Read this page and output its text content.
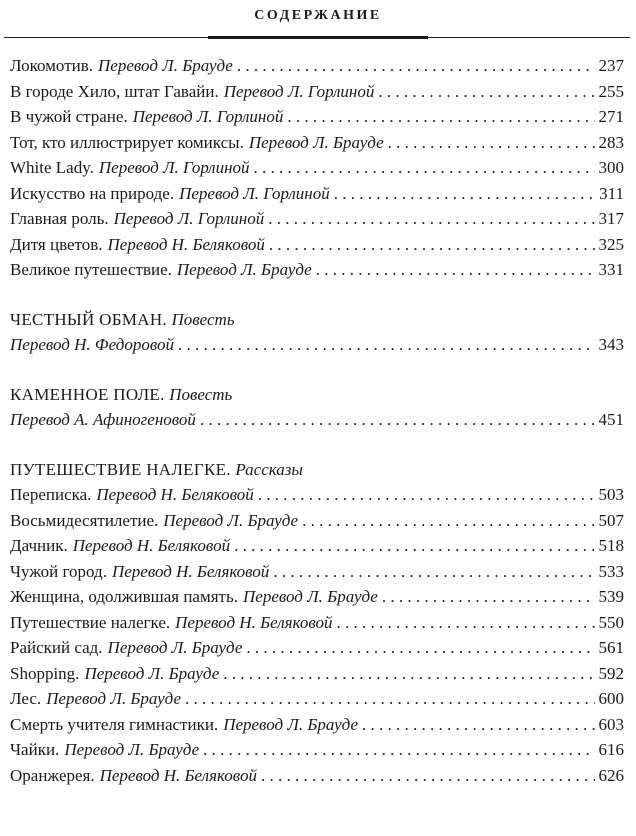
СОДЕРЖАНИЕ
Локомотив. Перевод Л. Брауде . . .	237
В городе Хило, штат Гавайи. Перевод Л. Горлиной . . .	255
В чужой стране. Перевод Л. Горлиной . . .	271
Тот, кто иллюстрирует комиксы. Перевод Л. Брауде . . .	283
White Lady. Перевод Л. Горлиной . . .	300
Искусство на природе. Перевод Л. Горлиной . . .	311
Главная роль. Перевод Л. Горлиной . . .	317
Дитя цветов. Перевод Н. Беляковой . . .	325
Великое путешествие. Перевод Л. Брауде . . .	331
ЧЕСТНЫЙ ОБМАН. Повесть
Перевод Н. Федоровой . . .	343
КАМЕННОЕ ПОЛЕ. Повесть
Перевод А. Афиногеновой . . .	451
ПУТЕШЕСТВИЕ НАЛЕГКЕ. Рассказы
Переписка. Перевод Н. Беляковой . . .	503
Восьмидесятилетие. Перевод Л. Брауде . . .	507
Дачник. Перевод Н. Беляковой . . .	518
Чужой город. Перевод Н. Беляковой . . .	533
Женщина, одолжившая память. Перевод Л. Брауде . . .	539
Путешествие налегке. Перевод Н. Беляковой . . .	550
Райский сад. Перевод Л. Брауде . . .	561
Shopping. Перевод Л. Брауде . . .	592
Лес. Перевод Л. Брауде . . .	600
Смерть учителя гимнастики. Перевод Л. Брауде . . .	603
Чайки. Перевод Л. Брауде . . .	616
Оранжерея. Перевод Н. Беляковой . . .	626
